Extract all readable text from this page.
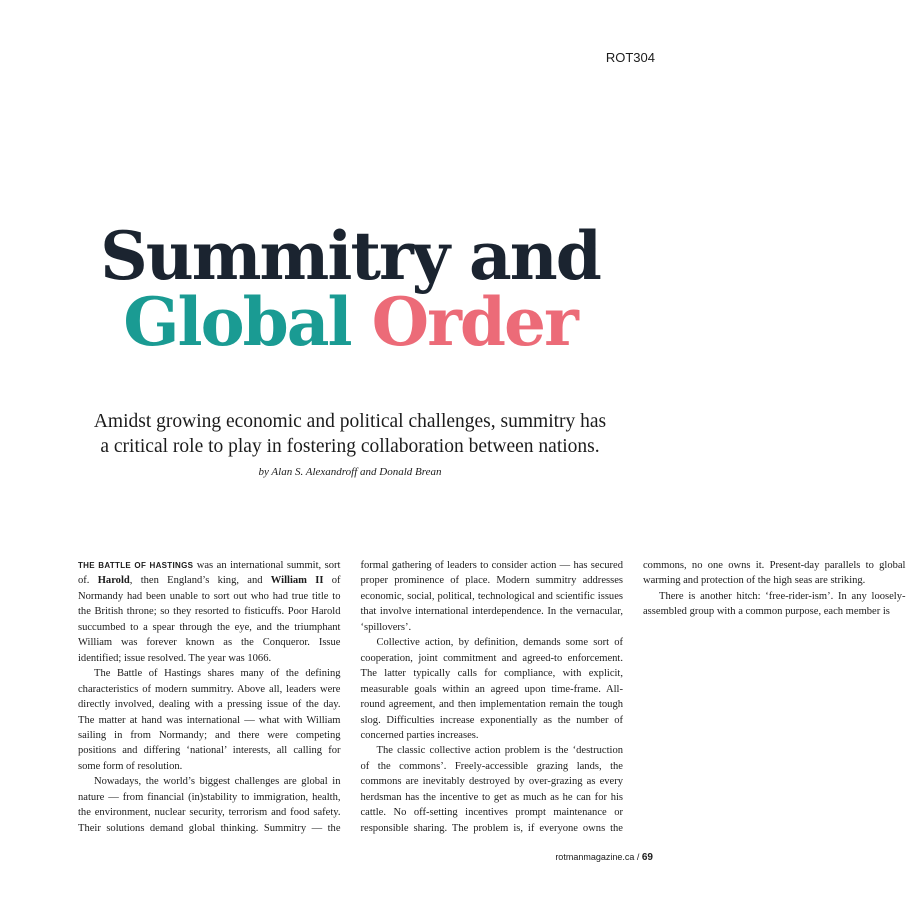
ROT304
Summitry and
Global Order
Amidst growing economic and political challenges, summitry has
a critical role to play in fostering collaboration between nations.
by Alan S. Alexandroff and Donald Brean

THE BATTLE OF HASTINGS was an international summit, sort of. Harold, then England’s king, and William II of Normandy had been unable to sort out who had true title to the British throne; so they resorted to fisticuffs. Poor Harold succumbed to a spear through the eye, and the triumphant William was forever known as the Conqueror. Issue identified; issue resolved. The year was 1066.

The Battle of Hastings shares many of the defining characteristics of modern summitry. Above all, leaders were directly involved, dealing with a pressing issue of the day. The matter at hand was international — what with William sailing in from Normandy; and there were competing positions and differing ‘national’ interests, all calling for some form of resolution.

Nowadays, the world’s biggest challenges are global in nature — from financial (in)stability to immigration, health, the environment, nuclear security, terrorism and food safety. Their solutions demand global thinking. Summitry — the formal gathering of leaders to consider action — has secured proper prominence of place. Modern summitry addresses economic, social, political, technological and scientific issues that involve international interdependence. In the vernacular, ‘spillovers’.

Collective action, by definition, demands some sort of cooperation, joint commitment and agreed-to enforcement. The latter typically calls for compliance, with explicit, measurable goals within an agreed upon time-frame. All-round agreement, and then implementation remain the tough slog. Difficulties increase exponentially as the number of concerned parties increases.

The classic collective action problem is the ‘destruction of the commons’. Freely-accessible grazing lands, the commons are inevitably destroyed by over-grazing as every herdsman has the incentive to get as much as he can for his cattle. No off-setting incentives prompt maintenance or responsible sharing. The problem is, if everyone owns the commons, no one owns it. Present-day parallels to global warming and protection of the high seas are striking.

There is another hitch: ‘free-rider-ism’. In any loosely-assembled group with a common purpose, each member is

rotmanmagazine.ca / 69
